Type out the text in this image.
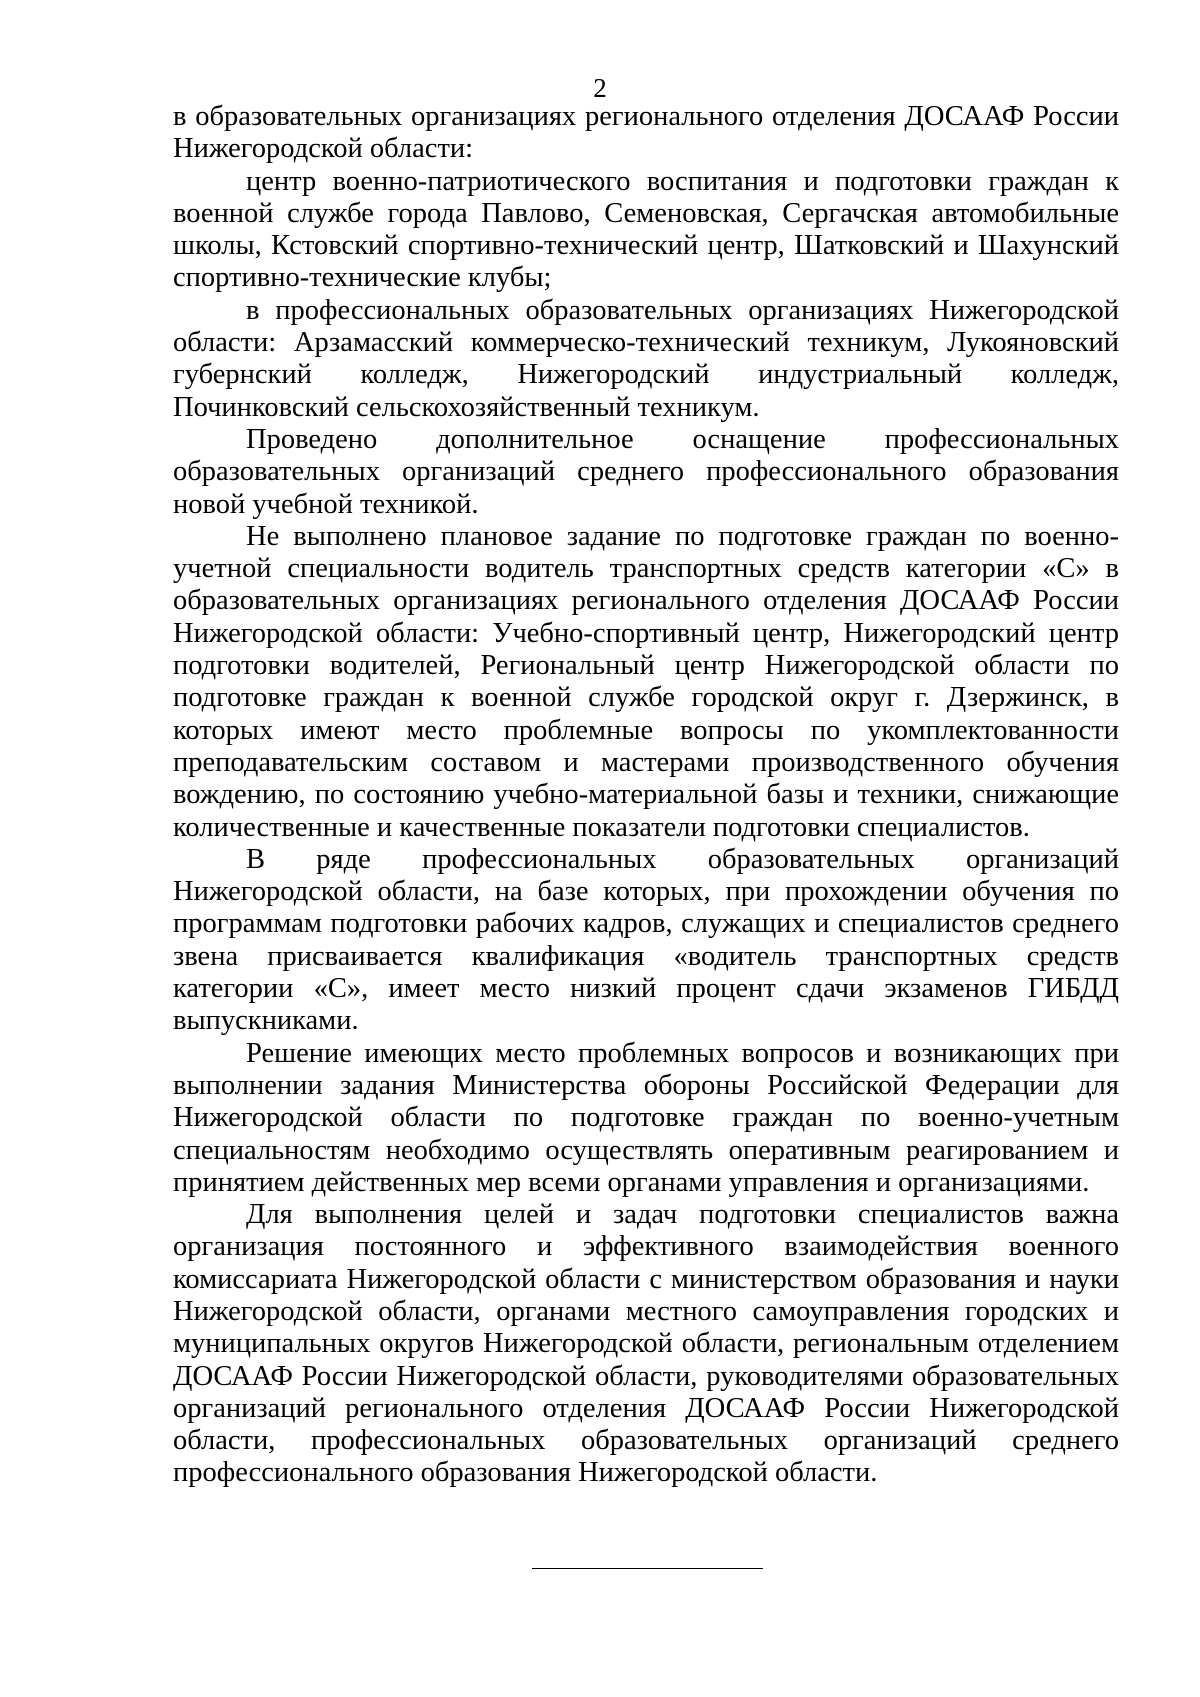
2

в образовательных организациях регионального отделения ДОСААФ России Нижегородской области:

центр военно-патриотического воспитания и подготовки граждан к военной службе города Павлово, Семеновская, Сергачская автомобильные школы, Кстовский спортивно-технический центр, Шатковский и Шахунский спортивно-технические клубы;

в профессиональных образовательных организациях Нижегородской области: Арзамасский коммерческо-технический техникум, Лукояновский губернский колледж, Нижегородский индустриальный колледж, Починковский сельскохозяйственный техникум.

Проведено дополнительное оснащение профессиональных образовательных организаций среднего профессионального образования новой учебной техникой.

Не выполнено плановое задание по подготовке граждан по военно-учетной специальности водитель транспортных средств категории «С» в образовательных организациях регионального отделения ДОСААФ России Нижегородской области: Учебно-спортивный центр, Нижегородский центр подготовки водителей, Региональный центр Нижегородской области по подготовке граждан к военной службе городской округ г. Дзержинск, в которых имеют место проблемные вопросы по укомплектованности преподавательским составом и мастерами производственного обучения вождению, по состоянию учебно-материальной базы и техники, снижающие количественные и качественные показатели подготовки специалистов.

В ряде профессиональных образовательных организаций Нижегородской области, на базе которых, при прохождении обучения по программам подготовки рабочих кадров, служащих и специалистов среднего звена присваивается квалификация «водитель транспортных средств категории «С», имеет место низкий процент сдачи экзаменов ГИБДД выпускниками.

Решение имеющих место проблемных вопросов и возникающих при выполнении задания Министерства обороны Российской Федерации для Нижегородской области по подготовке граждан по военно-учетным специальностям необходимо осуществлять оперативным реагированием и принятием действенных мер всеми органами управления и организациями.

Для выполнения целей и задач подготовки специалистов важна организация постоянного и эффективного взаимодействия военного комиссариата Нижегородской области с министерством образования и науки Нижегородской области, органами местного самоуправления городских и муниципальных округов Нижегородской области, региональным отделением ДОСААФ России Нижегородской области, руководителями образовательных организаций регионального отделения ДОСААФ России Нижегородской области, профессиональных образовательных организаций среднего профессионального образования Нижегородской области.
